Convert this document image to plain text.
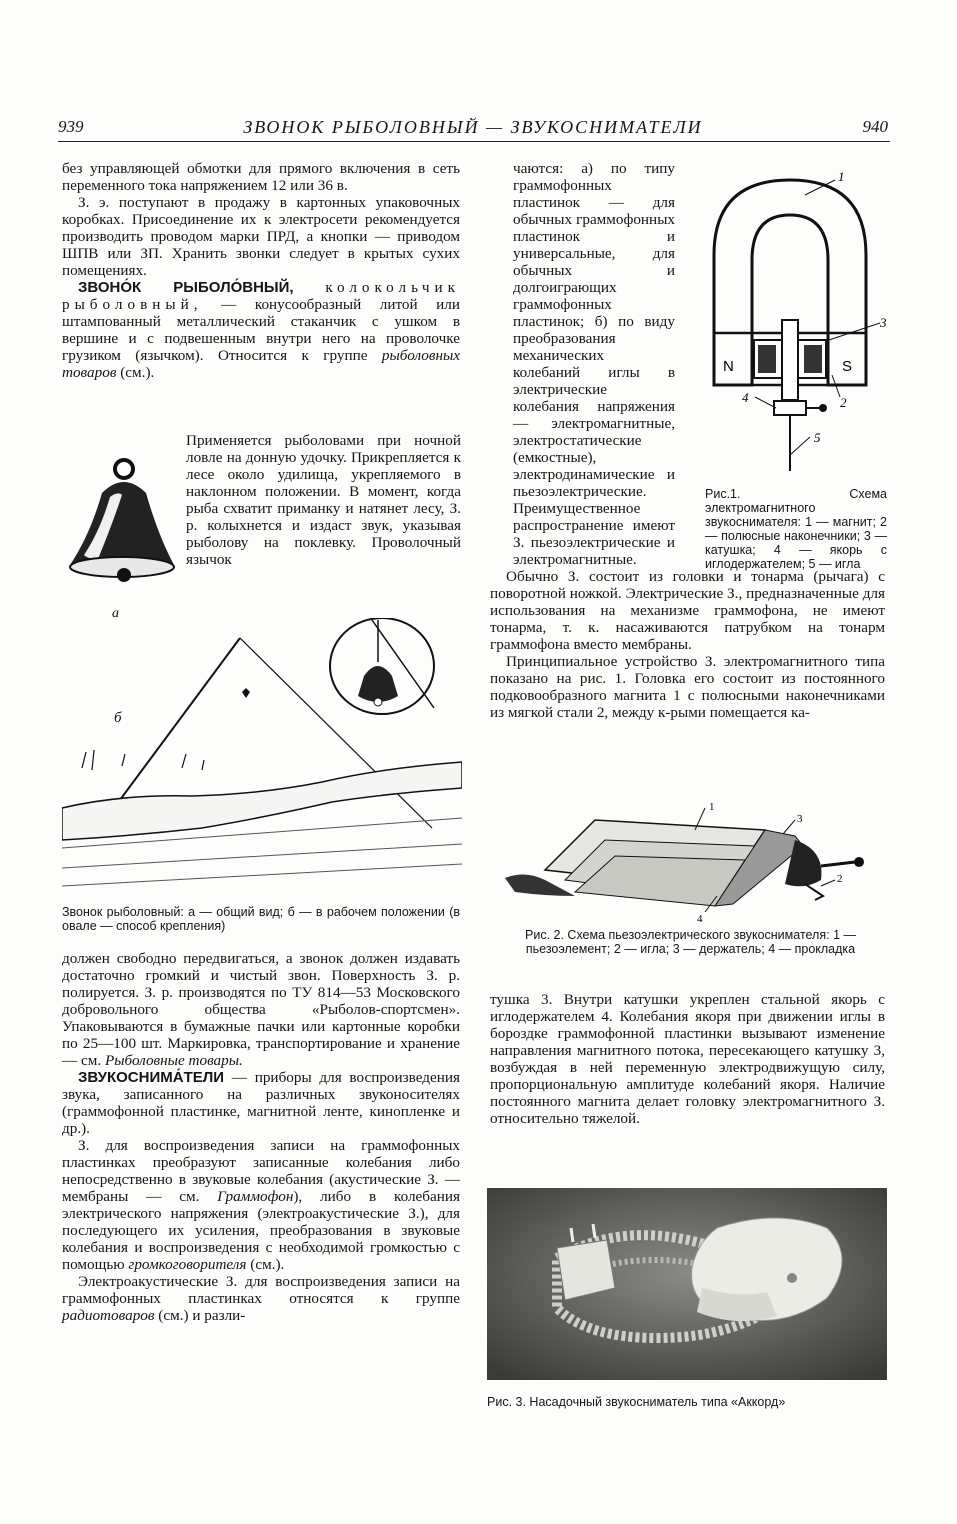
939	ЗВОНОК РЫБОЛОВНЫЙ — ЗВУКОСНИМАТЕЛИ	940

без управляющей обмотки для прямого включения в сеть переменного тока напряжением 12 или 36 в.

З. э. поступают в продажу в картонных упаковочных коробках. Присоединение их к электросети рекомендуется производить проводом марки ПРД, а кнопки — приводом ШПВ или ЗП. Хранить звонки следует в крытых сухих помещениях.

ЗВОНО́К РЫБОЛО́ВНЫЙ, колокольчик рыболовный, — конусообразный литой или штампованный металлический стаканчик с ушком в вершине и с подвешенным внутри него на проволочке грузиком (язычком). Относится к группе рыболовных товаров (см.).

а

Применяется рыболовами при ночной ловле на донную удочку. Прикрепляется к лесе около удилища, укрепляемого в наклонном положении. В момент, когда рыба схватит приманку и натянет лесу, З. р. колыхнется и издаст звук, указывая рыболову на поклевку. Проволочный язычок

б
Звонок рыболовный: а — общий вид; б — в рабочем положении (в овале — способ крепления)

должен свободно передвигаться, а звонок должен издавать достаточно громкий и чистый звон. Поверхность З. р. полируется. З. р. производятся по ТУ 814—53 Московского добровольного общества «Рыболов-спортсмен». Упаковываются в бумажные пачки или картонные коробки по 25—100 шт. Маркировка, транспортирование и хранение — см. Рыболовные товары.

ЗВУКОСНИМА́ТЕЛИ — приборы для воспроизведения звука, записанного на различных звуконосителях (граммофонной пластинке, магнитной ленте, кинопленке и др.).

З. для воспроизведения записи на граммофонных пластинках преобразуют записанные колебания либо непосредственно в звуковые колебания (акустические З. — мембраны — см. Граммофон), либо в колебания электрического напряжения (электроакустические З.), для последующего их усиления, преобразования в звуковые колебания и воспроизведения с необходимой громкостью с помощью громкоговорителя (см.).

Электроакустические З. для воспроизведения записи на граммофонных пластинках относятся к группе радиотоваров (см.) и разли-

чаются: а) по типу граммофонных пластинок — для обычных граммофонных пластинок и универсальные, для обычных и долгоиграющих граммофонных пластинок; б) по виду преобразования механических колебаний иглы в электрические колебания напряжения — электромагнитные, электростатические (емкостные), электродинамические и пьезоэлектрические. Преимущественное распространение имеют З. пьезоэлектрические и электромагнитные.

1
3
2
4
5
N	S
Рис.1. Схема электромагнитного звукоснимателя: 1 — магнит; 2 — полюсные наконечники; 3 — катушка; 4 — якорь с иглодержателем; 5 — игла

Обычно З. состоит из головки и тонарма (рычага) с поворотной ножкой. Электрические З., предназначенные для использования на механизме граммофона, не имеют тонарма, т. к. насаживаются патрубком на тонарм граммофона вместо мембраны.

Принципиальное устройство З. электромагнитного типа показано на рис. 1. Головка его состоит из постоянного подковообразного магнита 1 с полюсными наконечниками из мягкой стали 2, между к-рыми помещается ка-

1
3
2
4
Рис. 2. Схема пьезоэлектрического звукоснимателя: 1 — пьезоэлемент; 2 — игла; 3 — держатель; 4 — прокладка

тушка 3. Внутри катушки укреплен стальной якорь с иглодержателем 4. Колебания якоря при движении иглы в бороздке граммофонной пластинки вызывают изменение направления магнитного потока, пересекающего катушку 3, возбуждая в ней переменную электродвижущую силу, пропорциональную амплитуде колебаний якоря. Наличие постоянного магнита делает головку электромагнитного З. относительно тяжелой.

Рис. 3. Насадочный звукосниматель типа «Аккорд»
